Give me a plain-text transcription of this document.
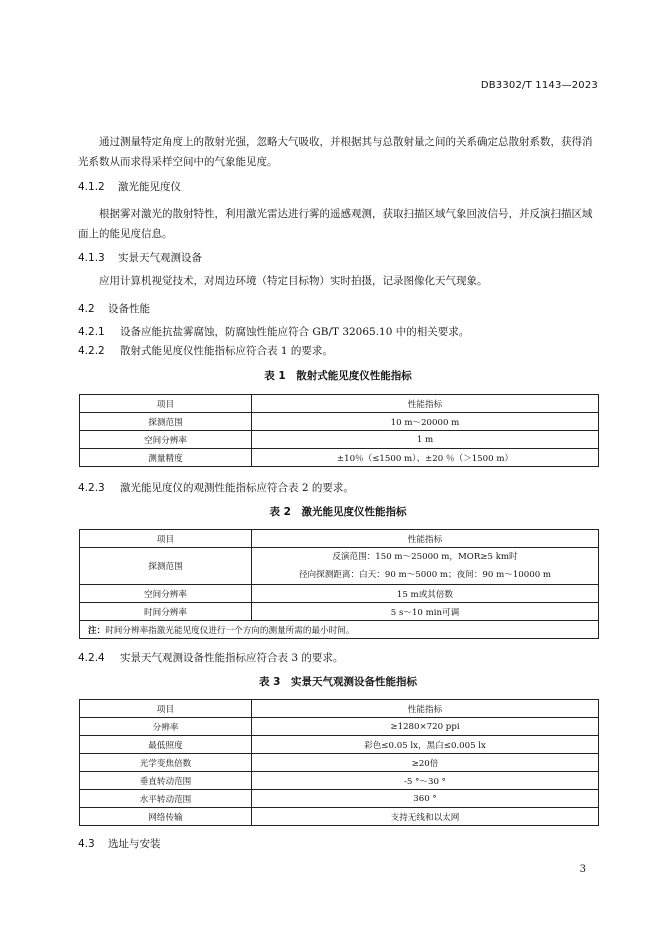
DB3302/T 1143—2023

通过测量特定角度上的散射光强，忽略大气吸收，并根据其与总散射量之间的关系确定总散射系数，获得消光系数从而求得采样空间中的气象能见度。

4.1.2 激光能见度仪

根据雾对激光的散射特性，利用激光雷达进行雾的遥感观测，获取扫描区域气象回波信号，并反演扫描区域面上的能见度信息。

4.1.3 实景天气观测设备

应用计算机视觉技术，对周边环境（特定目标物）实时拍摄，记录图像化天气现象。

4.2 设备性能
4.2.1 设备应能抗盐雾腐蚀，防腐蚀性能应符合 GB/T 32065.10 中的相关要求。
4.2.2 散射式能见度仪性能指标应符合表 1 的要求。
表 1　散射式能见度仪性能指标
项目	性能指标
探测范围	10 m～20000 m
空间分辨率	1 m
测量精度	±10％（≤1500 m）、±20 ％（＞1500 m）
4.2.3 激光能见度仪的观测性能指标应符合表 2 的要求。
表 2　激光能见度仪性能指标
项目	性能指标
探测范围	反演范围：150 m～25000 m，MOR≥5 km时
径向探测距离：白天：90 m～5000 m；夜间：90 m～10000 m

空间分辨率	15 m或其倍数
时间分辨率	5 s～10 min可调
注：时间分辨率指激光能见度仪进行一个方向的测量所需的最小时间。	
4.2.4 实景天气观测设备性能指标应符合表 3 的要求。
表 3　实景天气观测设备性能指标
项目	性能指标
分辨率	≥1280×720 ppi
最低照度	彩色≤0.05 lx，黑白≤0.005 lx
光学变焦倍数	≥20倍
垂直转动范围	-5 °～30 °
水平转动范围	360 °
网络传输	支持无线和以太网
4.3 选址与安装
3
